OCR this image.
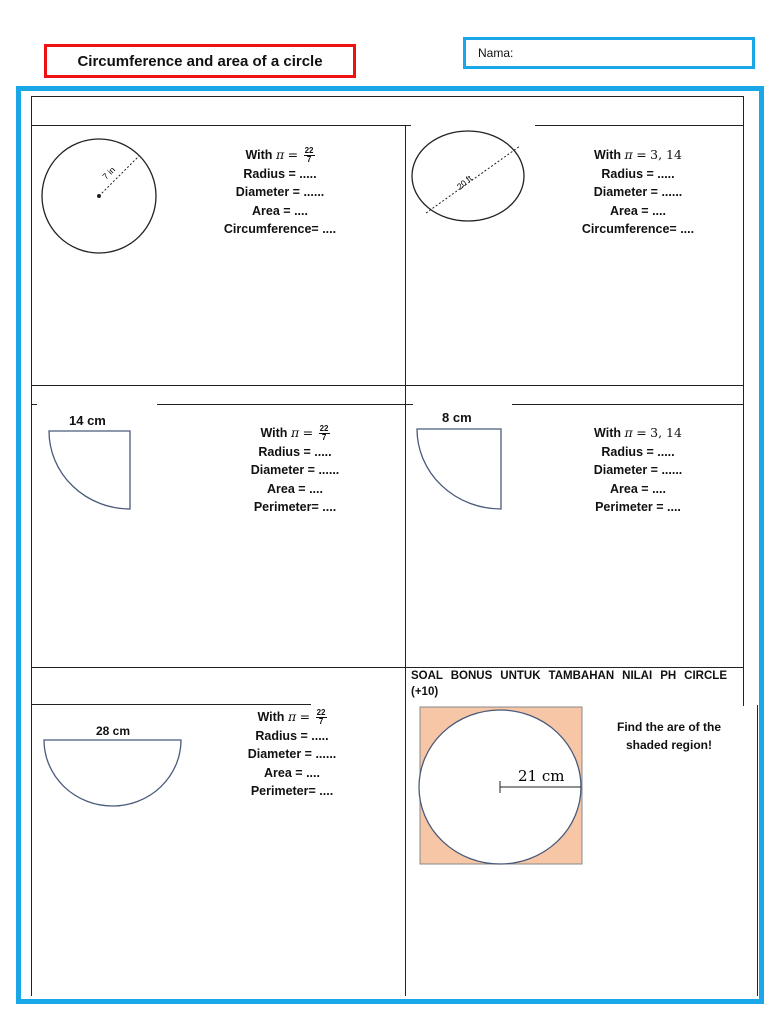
Circumference and area of a circle	Nama:
7 in
With $\pi = \frac{22}{7}$
Radius = .....
Diameter = ......
Area = ....
Circumference= ....
20 ft
With π = 3, 14
Radius = .....
Diameter = ......
Area = ....
Circumference= ....
14 cm
With $\pi = \frac{22}{7}$
Radius = .....
Diameter = ......
Area = ....
Perimeter= ....
8 cm
With π = 3, 14
Radius = .....
Diameter = ......
Area = ....
Perimeter = ....
28 cm
With $\pi = \frac{22}{7}$
Radius = .....
Diameter = ......
Area = ....
Perimeter= ....
SOAL BONUS UNTUK TAMBAHAN NILAI PH CIRCLE
(+10)
21 cm
Find the are of the shaded region!
